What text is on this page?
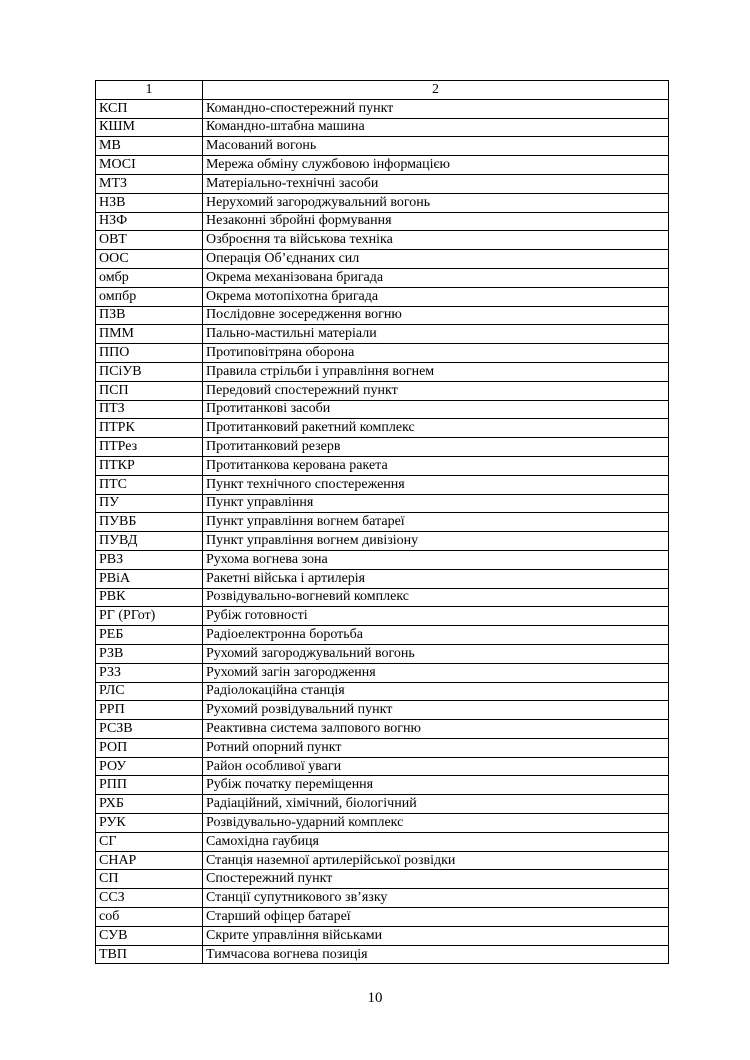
1	2
КСП	Командно-спостережний пункт
КШМ	Командно-штабна машина
МВ	Масований вогонь
МОСІ	Мережа обміну службовою інформацією
МТЗ	Матеріально-технічні засоби
НЗВ	Нерухомий загороджувальний вогонь
НЗФ	Незаконні збройні формування
ОВТ	Озброєння та військова техніка
ООС	Операція Об’єднаних сил
омбр	Окрема механізована бригада
омпбр	Окрема мотопіхотна бригада
ПЗВ	Послідовне зосередження вогню
ПММ	Пально-мастильні матеріали
ППО	Протиповітряна оборона
ПСіУВ	Правила стрільби і управління вогнем
ПСП	Передовий спостережний пункт
ПТЗ	Протитанкові засоби
ПТРК	Протитанковий ракетний комплекс
ПТРез	Протитанковий резерв
ПТКР	Протитанкова керована ракета
ПТС	Пункт технічного спостереження
ПУ	Пункт управління
ПУВБ	Пункт управління вогнем батареї
ПУВД	Пункт управління вогнем дивізіону
РВЗ	Рухома вогнева зона
РВіА	Ракетні війська і артилерія
РВК	Розвідувально-вогневий комплекс
РГ (РГот)	Рубіж готовності
РЕБ	Радіоелектронна боротьба
РЗВ	Рухомий загороджувальний вогонь
РЗЗ	Рухомий загін загородження
РЛС	Радіолокаційна станція
РРП	Рухомий розвідувальний пункт
РСЗВ	Реактивна система залпового вогню
РОП	Ротний опорний пункт
РОУ	Район особливої уваги
РПП	Рубіж початку переміщення
РХБ	Радіаційний, хімічний, біологічний
РУК	Розвідувально-ударний комплекс
СГ	Самохідна гаубиця
СНАР	Станція наземної артилерійської розвідки
СП	Спостережний пункт
ССЗ	Станції супутникового зв’язку
соб	Старший офіцер батареї
СУВ	Скрите управління військами
ТВП	Тимчасова вогнева позиція
10
